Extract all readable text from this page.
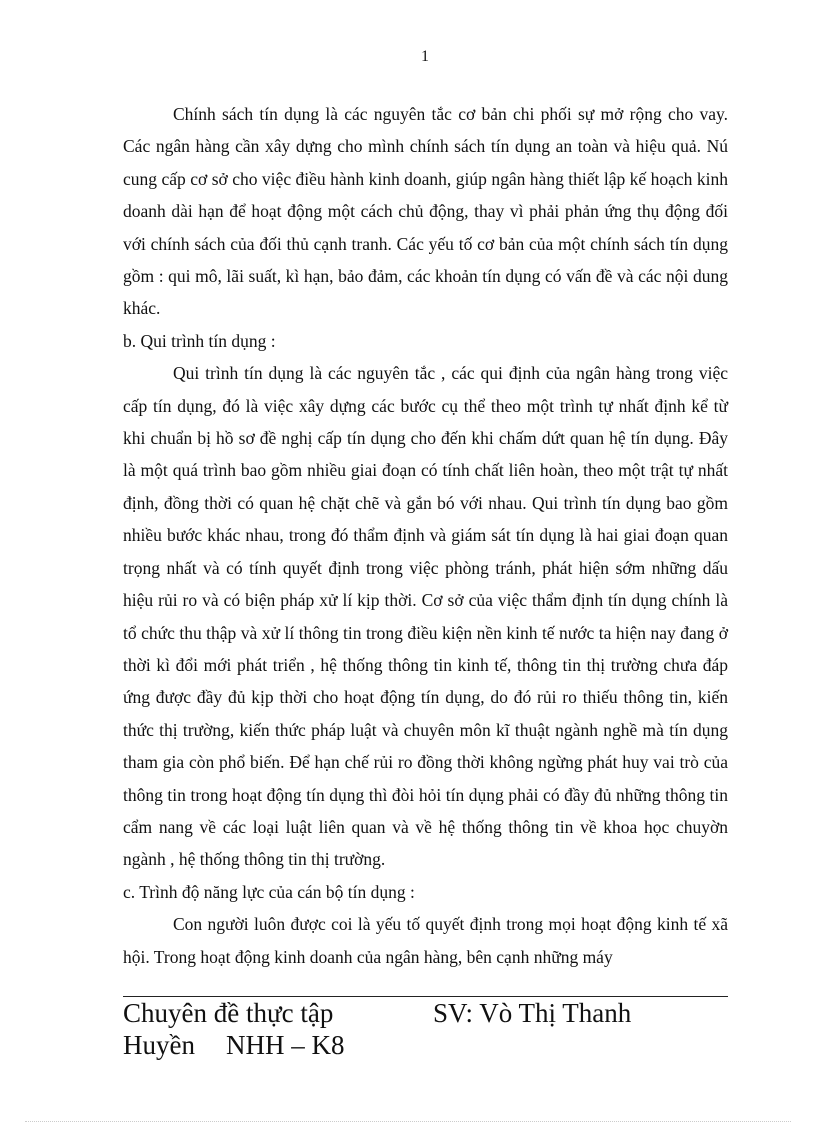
1

Chính sách tín dụng là các nguyên tắc cơ bản chi phối sự mở rộng cho vay. Các ngân hàng cần xây dựng cho mình chính sách tín dụng an toàn và hiệu quả. Nú cung cấp cơ sở cho việc điều hành kinh doanh, giúp ngân hàng thiết lập kế hoạch kinh doanh dài hạn để hoạt động một cách chủ động, thay vì phải phản ứng thụ động đối với chính sách của đối thủ cạnh tranh. Các yếu tố cơ bản của một chính sách tín dụng gồm : qui mô, lãi suất, kì hạn, bảo đảm, các khoản tín dụng có vấn đề và các nội dung khác.

b. Qui trình tín dụng :

Qui trình tín dụng là các nguyên tắc , các qui định của ngân hàng trong việc cấp tín dụng, đó là việc xây dựng các bước cụ thể theo một trình tự nhất định kể từ khi chuẩn bị hồ sơ đề nghị cấp tín dụng cho đến khi chấm dứt quan hệ tín dụng. Đây là một quá trình bao gồm nhiều giai đoạn có tính chất liên hoàn, theo một trật tự nhất định, đồng thời có quan hệ chặt chẽ và gắn bó với nhau. Qui trình tín dụng bao gồm nhiều bước khác nhau, trong đó thẩm định và giám sát tín dụng là hai giai đoạn quan trọng nhất và có tính quyết định trong việc phòng tránh, phát hiện sớm những dấu hiệu rủi ro và có biện pháp xử lí kịp thời. Cơ sở của việc thẩm định tín dụng chính là tổ chức thu thập và xử lí thông tin trong điều kiện nền kinh tế nước ta hiện nay đang ở thời kì đổi mới phát triển , hệ thống thông tin kinh tế, thông tin thị trường chưa đáp ứng được đầy đủ kịp thời cho hoạt động tín dụng, do đó rủi ro thiếu thông tin, kiến thức thị trường, kiến thức pháp luật và chuyên môn kĩ thuật ngành nghề mà tín dụng tham gia còn phổ biến. Để hạn chế rủi ro đồng thời không ngừng phát huy vai trò của thông tin trong hoạt động tín dụng thì đòi hỏi tín dụng phải có đầy đủ những thông tin cẩm nang về các loại luật liên quan và về hệ thống thông tin về khoa học chuyờn ngành , hệ thống thông tin thị trường.

c. Trình độ năng lực của cán bộ tín dụng :

Con người luôn được coi là yếu tố quyết định trong mọi hoạt động kinh tế xã hội. Trong hoạt động kinh doanh của ngân hàng, bên cạnh những máy

Chuyên đề thực tập	SV: Vò Thị Thanh
Huyền NHH – K8
